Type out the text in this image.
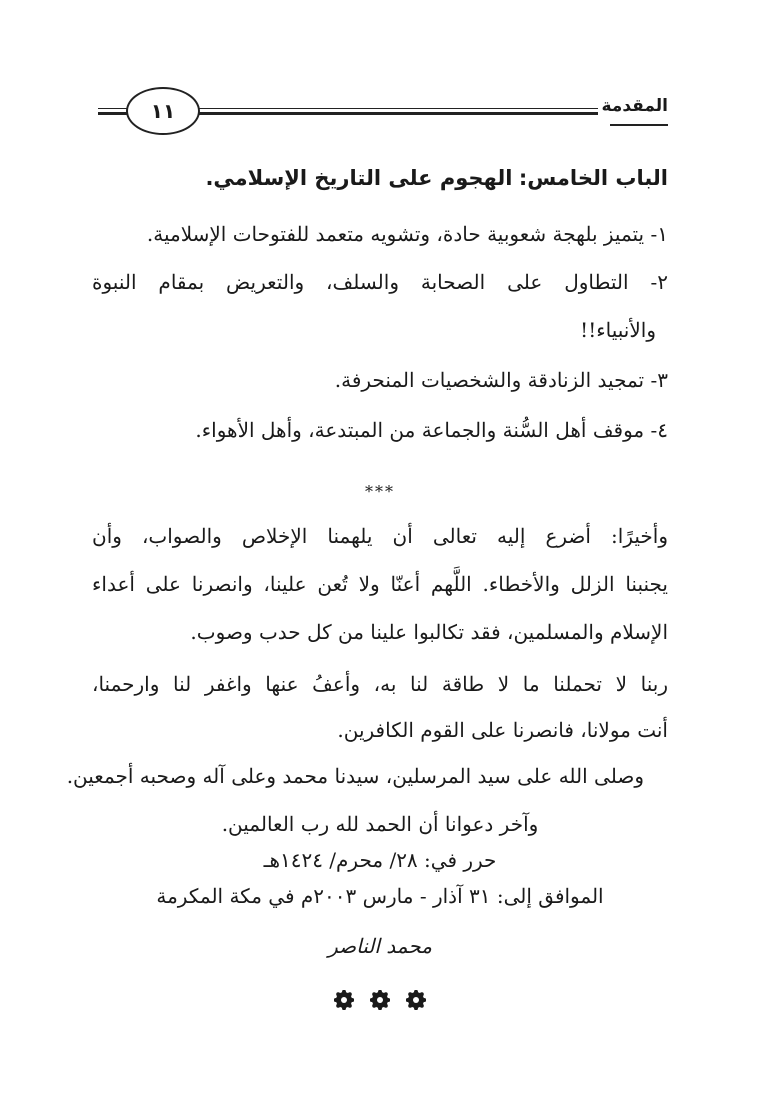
المقدمة
١١
الباب الخامس: الهجوم على التاريخ الإسلامي.
١- يتميز بلهجة شعوبية حادة، وتشويه متعمد للفتوحات الإسلامية.
٢- التطاول على الصحابة والسلف، والتعريض بمقام النبوة
والأنبياء!!
٣- تمجيد الزنادقة والشخصيات المنحرفة.
٤- موقف أهل السُّنة والجماعة من المبتدعة، وأهل الأهواء.
***
وأخيرًا: أضرع إليه تعالى أن يلهمنا الإخلاص والصواب، وأن
يجنبنا الزلل والأخطاء. اللَّهم أعنّا ولا تُعن علينا، وانصرنا على أعداء
الإسلام والمسلمين، فقد تكالبوا علينا من كل حدب وصوب.
ربنا لا تحملنا ما لا طاقة لنا به، وأعفُ عنها واغفر لنا وارحمنا،
أنت مولانا، فانصرنا على القوم الكافرين.
وصلى الله على سيد المرسلين، سيدنا محمد وعلى آله وصحبه أجمعين.
وآخر دعوانا أن الحمد لله رب العالمين.
حرر في: ٢٨/ محرم/ ١٤٢٤هـ
الموافق إلى: ٣١ آذار - مارس ٢٠٠٣م في مكة المكرمة
محمد الناصر
